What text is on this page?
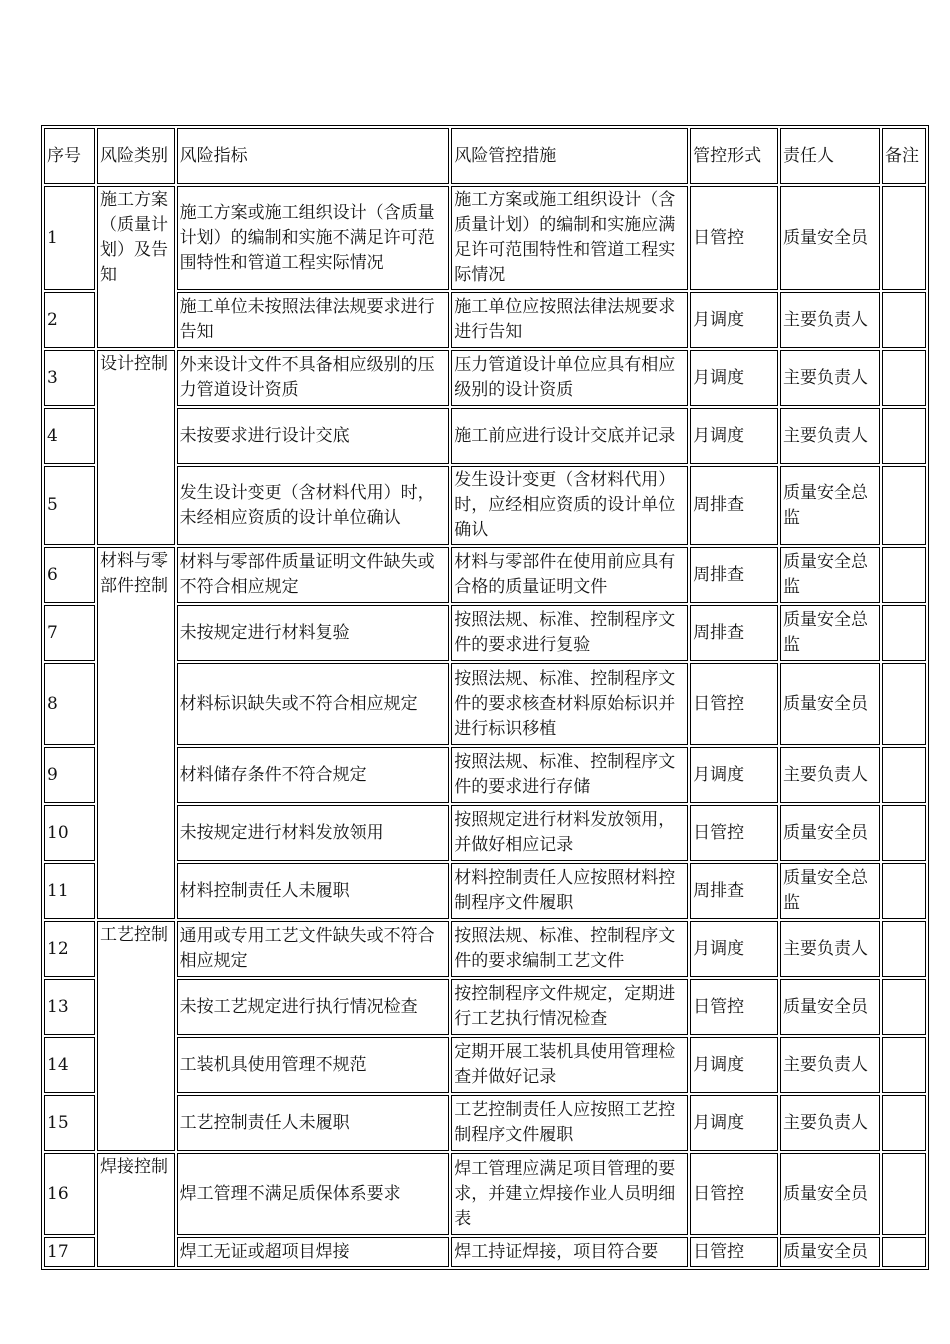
序号	风险类别	风险指标	风险管控措施	管控形式	责任人	备注
1	施工方案（质量计划）及告知	施工方案或施工组织设计（含质量计划）的编制和实施不满足许可范围特性和管道工程实际情况	施工方案或施工组织设计（含质量计划）的编制和实施应满足许可范围特性和管道工程实际情况	日管控	质量安全员	
2		施工单位未按照法律法规要求进行告知	施工单位应按照法律法规要求进行告知	月调度	主要负责人	
3	设计控制	外来设计文件不具备相应级别的压力管道设计资质	压力管道设计单位应具有相应级别的设计资质	月调度	主要负责人	
4		未按要求进行设计交底	施工前应进行设计交底并记录	月调度	主要负责人	
5		发生设计变更（含材料代用）时，未经相应资质的设计单位确认	发生设计变更（含材料代用）时，应经相应资质的设计单位确认	周排查	质量安全总监	
6	材料与零部件控制	材料与零部件质量证明文件缺失或不符合相应规定	材料与零部件在使用前应具有合格的质量证明文件	周排查	质量安全总监	
7		未按规定进行材料复验	按照法规、标准、控制程序文件的要求进行复验	周排查	质量安全总监	
8		材料标识缺失或不符合相应规定	按照法规、标准、控制程序文件的要求核查材料原始标识并进行标识移植	日管控	质量安全员	
9		材料储存条件不符合规定	按照法规、标准、控制程序文件的要求进行存储	月调度	主要负责人	
10		未按规定进行材料发放领用	按照规定进行材料发放领用，并做好相应记录	日管控	质量安全员	
11		材料控制责任人未履职	材料控制责任人应按照材料控制程序文件履职	周排查	质量安全总监	
12	工艺控制	通用或专用工艺文件缺失或不符合相应规定	按照法规、标准、控制程序文件的要求编制工艺文件	月调度	主要负责人	
13		未按工艺规定进行执行情况检查	按控制程序文件规定，定期进行工艺执行情况检查	日管控	质量安全员	
14		工装机具使用管理不规范	定期开展工装机具使用管理检查并做好记录	月调度	主要负责人	
15		工艺控制责任人未履职	工艺控制责任人应按照工艺控制程序文件履职	月调度	主要负责人	
16	焊接控制	焊工管理不满足质保体系要求	焊工管理应满足项目管理的要求，并建立焊接作业人员明细表	日管控	质量安全员	
17		焊工无证或超项目焊接	焊工持证焊接，项目符合要	日管控	质量安全员	
